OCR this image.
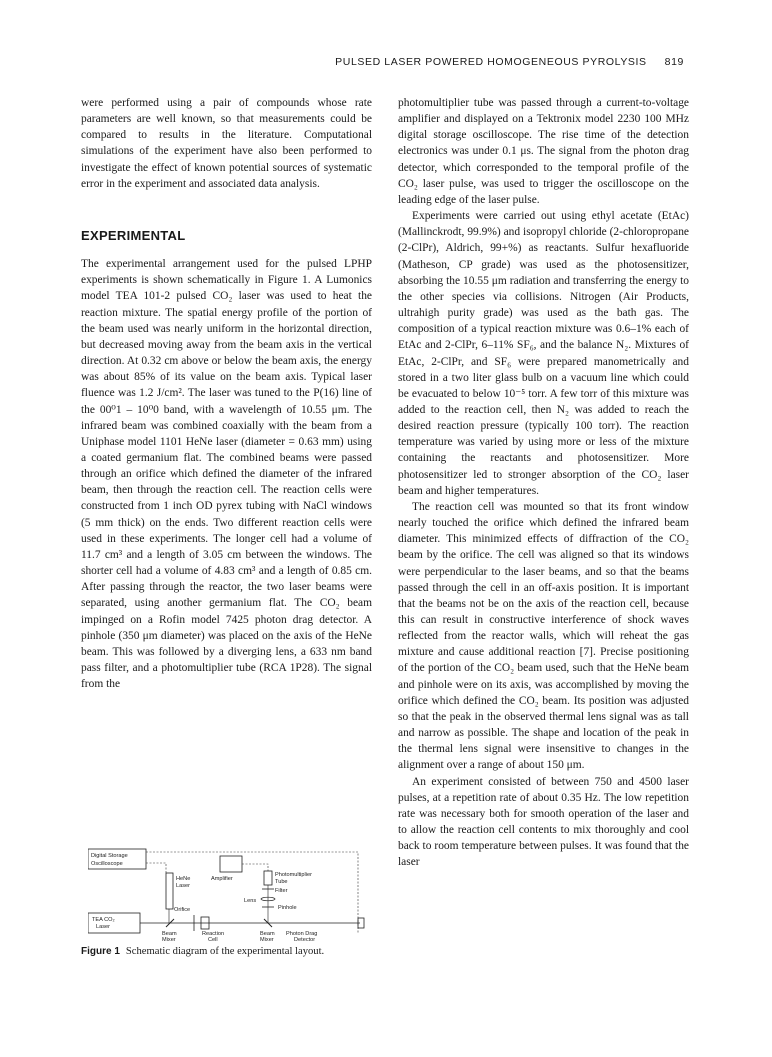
PULSED LASER POWERED HOMOGENEOUS PYROLYSIS 819

were performed using a pair of compounds whose rate parameters are well known, so that measurements could be compared to results in the literature. Computational simulations of the experiment have also been performed to investigate the effect of known potential sources of systematic error in the experiment and associated data analysis.

EXPERIMENTAL

The experimental arrangement used for the pulsed LPHP experiments is shown schematically in Figure 1. A Lumonics model TEA 101-2 pulsed CO₂ laser was used to heat the reaction mixture. The spatial energy profile of the portion of the beam used was nearly uniform in the horizontal direction, but decreased moving away from the beam axis in the vertical direction. At 0.32 cm above or below the beam axis, the energy was about 85% of its value on the beam axis. Typical laser fluence was 1.2 J/cm². The laser was tuned to the P(16) line of the 00⁰1 – 10⁰0 band, with a wavelength of 10.55 μm. The infrared beam was combined coaxially with the beam from a Uniphase model 1101 HeNe laser (diameter = 0.63 mm) using a coated germanium flat. The combined beams were passed through an orifice which defined the diameter of the infrared beam, then through the reaction cell. The reaction cells were constructed from 1 inch OD pyrex tubing with NaCl windows (5 mm thick) on the ends. Two different reaction cells were used in these experiments. The longer cell had a volume of 11.7 cm³ and a length of 3.05 cm between the windows. The shorter cell had a volume of 4.83 cm³ and a length of 0.85 cm. After passing through the reactor, the two laser beams were separated, using another germanium flat. The CO₂ beam impinged on a Rofin model 7425 photon drag detector. A pinhole (350 μm diameter) was placed on the axis of the HeNe beam. This was followed by a diverging lens, a 633 nm band pass filter, and a photomultiplier tube (RCA 1P28). The signal from the

photomultiplier tube was passed through a current-to-voltage amplifier and displayed on a Tektronix model 2230 100 MHz digital storage oscilloscope. The rise time of the detection electronics was under 0.1 μs. The signal from the photon drag detector, which corresponded to the temporal profile of the CO₂ laser pulse, was used to trigger the oscilloscope on the leading edge of the laser pulse.

Experiments were carried out using ethyl acetate (EtAc) (Mallinckrodt, 99.9%) and isopropyl chloride (2-chloropropane (2-ClPr), Aldrich, 99+%) as reactants. Sulfur hexafluoride (Matheson, CP grade) was used as the photosensitizer, absorbing the 10.55 μm radiation and transferring the energy to the other species via collisions. Nitrogen (Air Products, ultrahigh purity grade) was used as the bath gas. The composition of a typical reaction mixture was 0.6–1% each of EtAc and 2-ClPr, 6–11% SF₆, and the balance N₂. Mixtures of EtAc, 2-ClPr, and SF₆ were prepared manometrically and stored in a two liter glass bulb on a vacuum line which could be evacuated to below 10⁻⁵ torr. A few torr of this mixture was added to the reaction cell, then N₂ was added to reach the desired reaction pressure (typically 100 torr). The reaction temperature was varied by using more or less of the mixture containing the reactants and photosensitizer. More photosensitizer led to stronger absorption of the CO₂ laser beam and higher temperatures.

The reaction cell was mounted so that its front window nearly touched the orifice which defined the infrared beam diameter. This minimized effects of diffraction of the CO₂ beam by the orifice. The cell was aligned so that its windows were perpendicular to the laser beams, and so that the beams passed through the cell in an off-axis position. It is important that the beams not be on the axis of the reaction cell, because this can result in constructive interference of shock waves reflected from the reactor walls, which will reheat the gas mixture and cause additional reaction [7]. Precise positioning of the portion of the CO₂ beam used, such that the HeNe beam and pinhole were on its axis, was accomplished by moving the orifice which defined the CO₂ beam. Its position was adjusted so that the peak in the observed thermal lens signal was as tall and narrow as possible. The shape and location of the peak in the thermal lens signal were insensitive to changes in the alignment over a range of about 150 μm.

An experiment consisted of between 750 and 4500 laser pulses, at a repetition rate of about 0.35 Hz. The low repetition rate was necessary both for smooth operation of the laser and to allow the reaction cell contents to mix thoroughly and cool back to room temperature between pulses. It was found that the laser

Digital Storage
Oscilloscope
HeNe
Laser
Amplifier
Photomultiplier
Tube
Filter
Lens
Pinhole
TEA CO₂
Laser
Orifice
Beam
Mixer
Reaction
Cell
Beam
Mixer
Photon Drag
Detector
Figure 1 Schematic diagram of the experimental layout.
